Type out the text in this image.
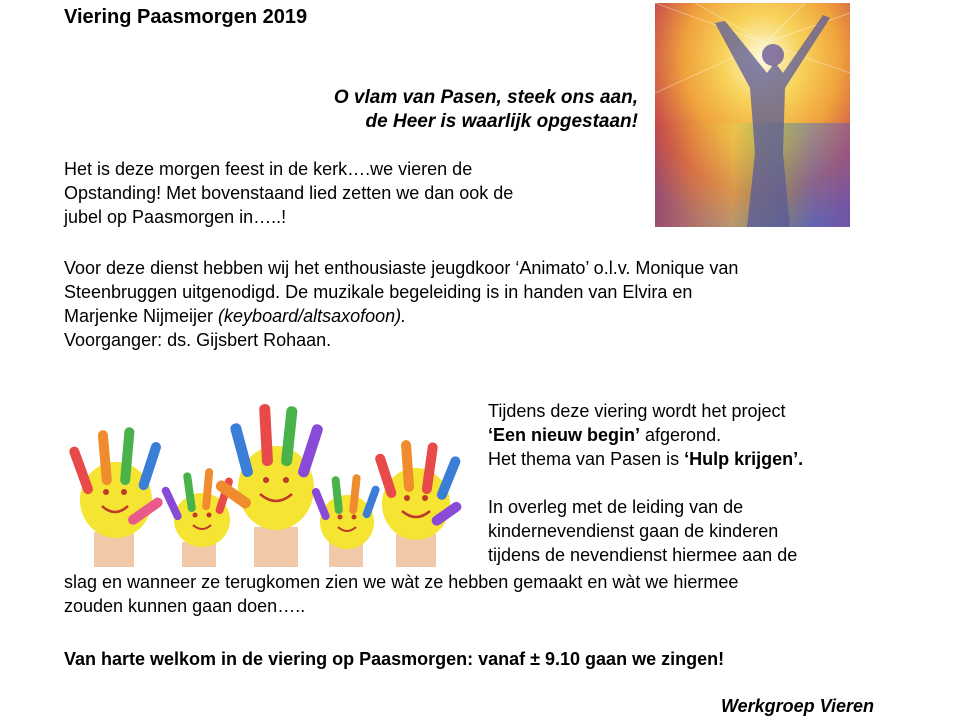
Viering Paasmorgen 2019
O vlam van Pasen, steek ons aan,
de Heer is waarlijk opgestaan!
Het is deze morgen feest in de kerk….we vieren de
Opstanding! Met bovenstaand lied zetten we dan ook de
jubel op Paasmorgen in…..!
Voor deze dienst hebben wij het enthousiaste jeugdkoor ‘Animato’ o.l.v. Monique van
Steenbruggen uitgenodigd. De muzikale begeleiding is in handen van Elvira en
Marjenke Nijmeijer (keyboard/altsaxofoon).
Voorganger: ds. Gijsbert Rohaan.
Tijdens deze viering wordt het project
‘Een nieuw begin’ afgerond.
Het thema van Pasen is ‘Hulp krijgen’.
In overleg met de leiding van de
kindernevendienst gaan de kinderen
tijdens de nevendienst hiermee aan de
slag en wanneer ze terugkomen zien we wàt ze hebben gemaakt en wàt we hiermee
zouden kunnen gaan doen…..
Van harte welkom in de viering op Paasmorgen: vanaf ± 9.10 gaan we zingen!
Werkgroep Vieren
